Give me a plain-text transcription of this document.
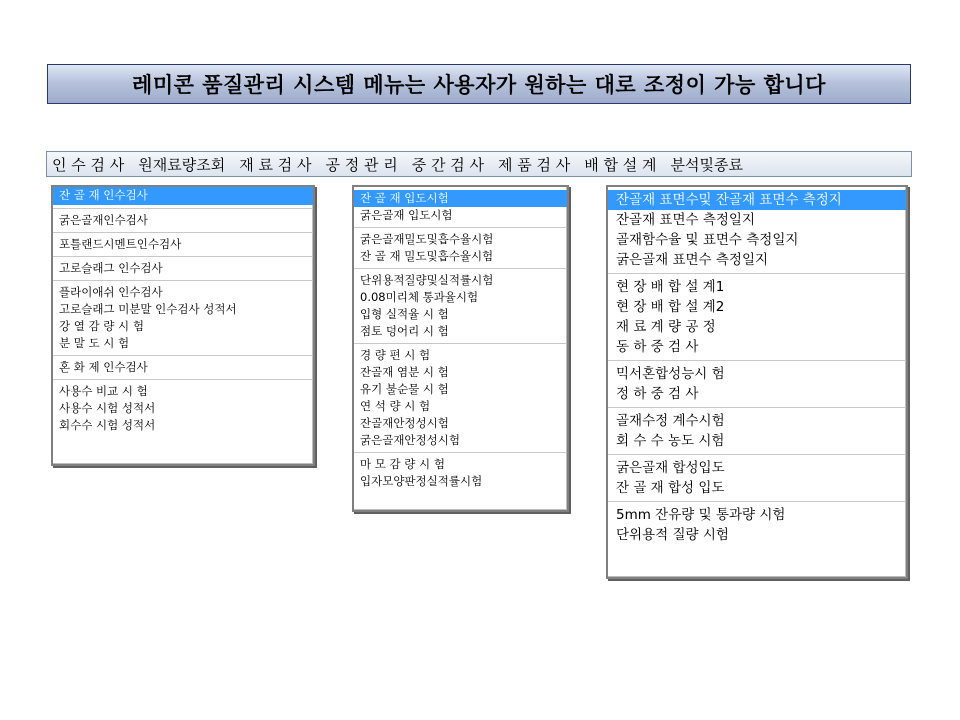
레미콘 품질관리 시스템 메뉴는 사용자가 원하는 대로 조정이 가능 합니다
인 수 검 사 원재료량조회 재 료 검 사 공 정 관 리 중 간 검 사 제 품 검 사 배 합 설 계 분석및종료
잔 골 재 인수검사
굵은골재인수검사
포틀랜드시멘트인수검사
고로슬래그 인수검사
플라이애쉬 인수검사
고로슬래그 미분말 인수검사 성적서
강 열 감 량 시 험
분 말 도 시 험
혼 화 제 인수검사
사용수 비교 시 험
사용수 시험 성적서
회수수 시험 성적서
잔 골 재 입도시험
굵은골재 입도시험
굵은골재밀도및흡수율시험
잔 골 재 밀도및흡수율시험
단위용적질량및실적률시험
0.08미리체 통과율시험
입형 실적율 시 험
점토 덩어리 시 험
경 량 편 시 험
잔골재 염분 시 험
유기 불순물 시 험
연 석 량 시 험
잔골재안정성시험
굵은골재안정성시험
마 모 감 량 시 험
입자모양판정실적률시험
잔골재 표면수및 잔골재 표면수 측정지
잔골재 표면수 측정일지
골재함수율 및 표면수 측정일지
굵은골재 표면수 측정일지
현 장 배 합 설 계1
현 장 배 합 설 계2
재 료 계 량 공 정
동 하 중 검 사
믹서혼합성능시 험
정 하 중 검 사
골재수정 계수시험
회 수 수 농도 시험
굵은골재 합성입도
잔 골 재 합성 입도
5mm 잔유량 및 통과량 시험
단위용적 질량 시험
